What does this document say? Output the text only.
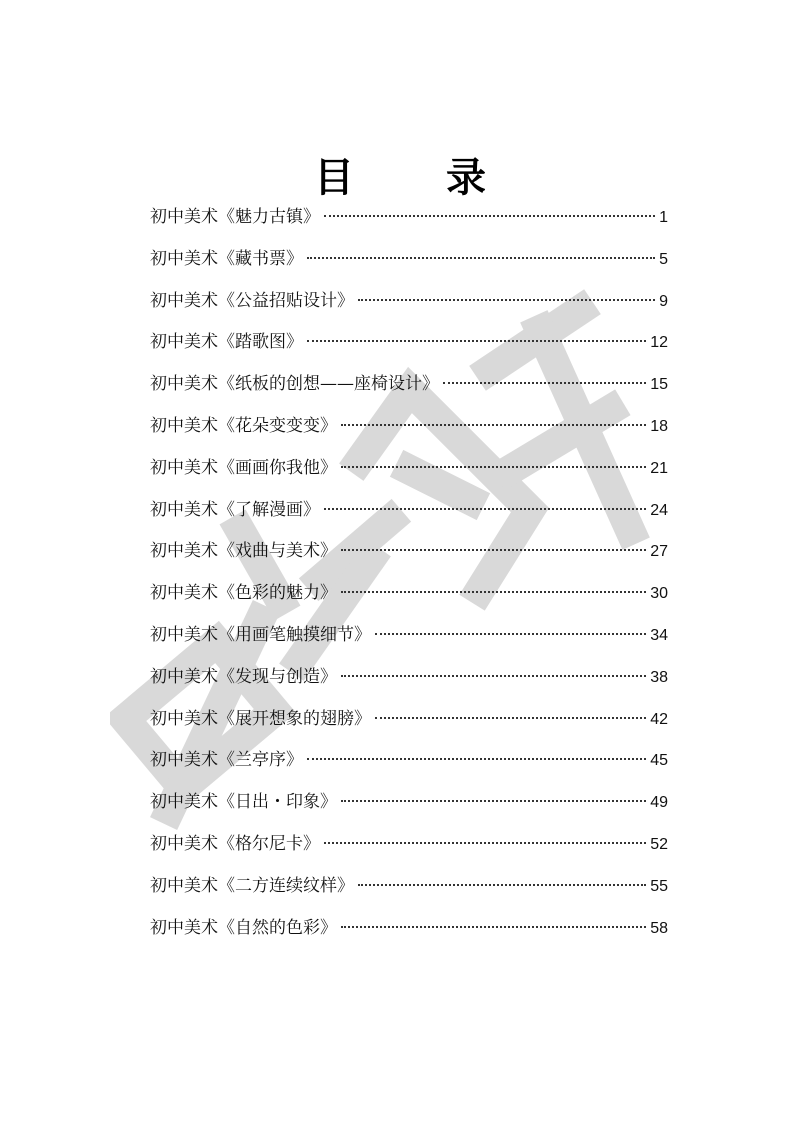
目　录
初中美术《魅力古镇》	1
初中美术《藏书票》	5
初中美术《公益招贴设计》	9
初中美术《踏歌图》	12
初中美术《纸板的创想——座椅设计》	15
初中美术《花朵变变变》	18
初中美术《画画你我他》	21
初中美术《了解漫画》	24
初中美术《戏曲与美术》	27
初中美术《色彩的魅力》	30
初中美术《用画笔触摸细节》	34
初中美术《发现与创造》	38
初中美术《展开想象的翅膀》	42
初中美术《兰亭序》	45
初中美术《日出・印象》	49
初中美术《格尔尼卡》	52
初中美术《二方连续纹样》	55
初中美术《自然的色彩》	58
